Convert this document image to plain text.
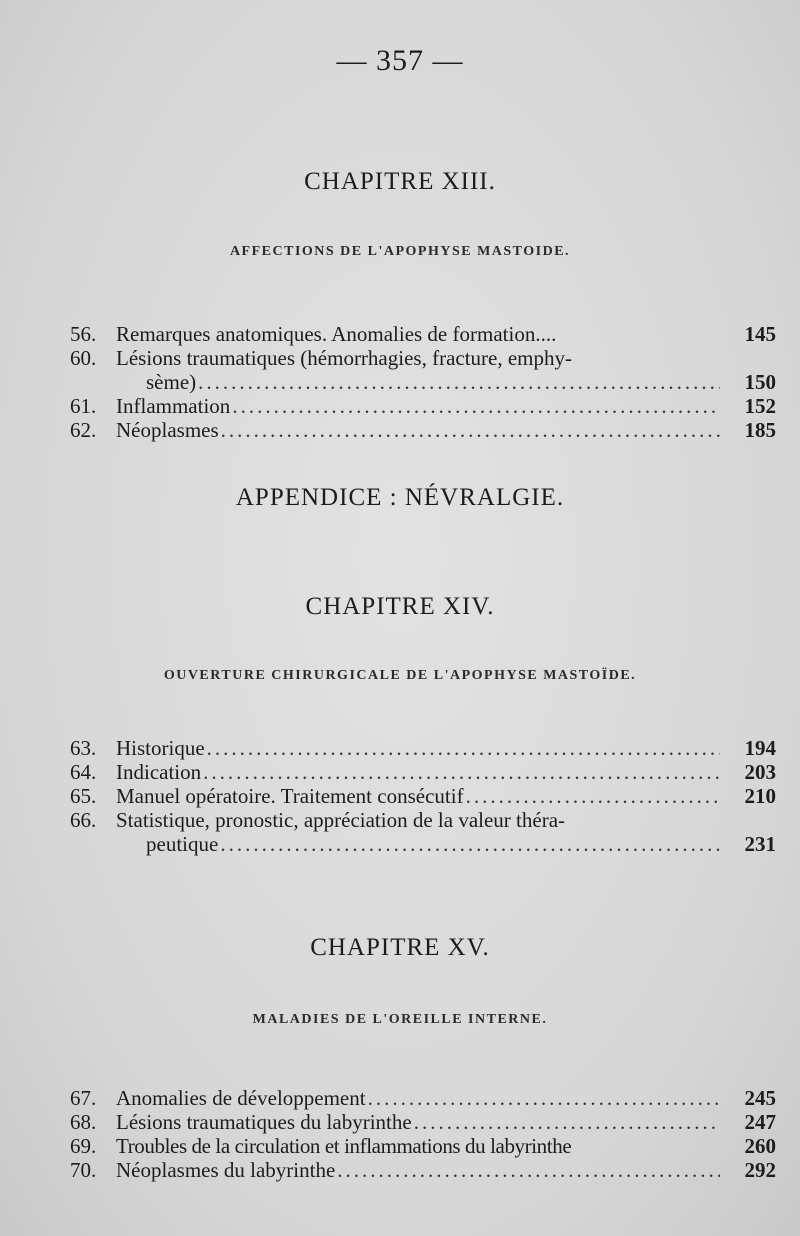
— 357 —
CHAPITRE XIII.
AFFECTIONS DE L'APOPHYSE MASTOIDE.
56. Remarques anatomiques. Anomalies de formation....	145
60. Lésions traumatiques (hémorrhagies, fracture, emphy-
sème) .....	150
61. Inflammation .....	152
62. Néoplasmes .....	185
APPENDICE : NÉVRALGIE.
CHAPITRE XIV.
OUVERTURE CHIRURGICALE DE L'APOPHYSE MASTOÏDE.
63. Historique .....	194
64. Indication .....	203
65. Manuel opératoire. Traitement consécutif .....	210
66. Statistique, pronostic, appréciation de la valeur théra-
peutique .....	231
CHAPITRE XV.
MALADIES DE L'OREILLE INTERNE.
67. Anomalies de développement .....	245
68. Lésions traumatiques du labyrinthe .....	247
69. Troubles de la circulation et inflammations du labyrinthe	260
70. Néoplasmes du labyrinthe .....	292
